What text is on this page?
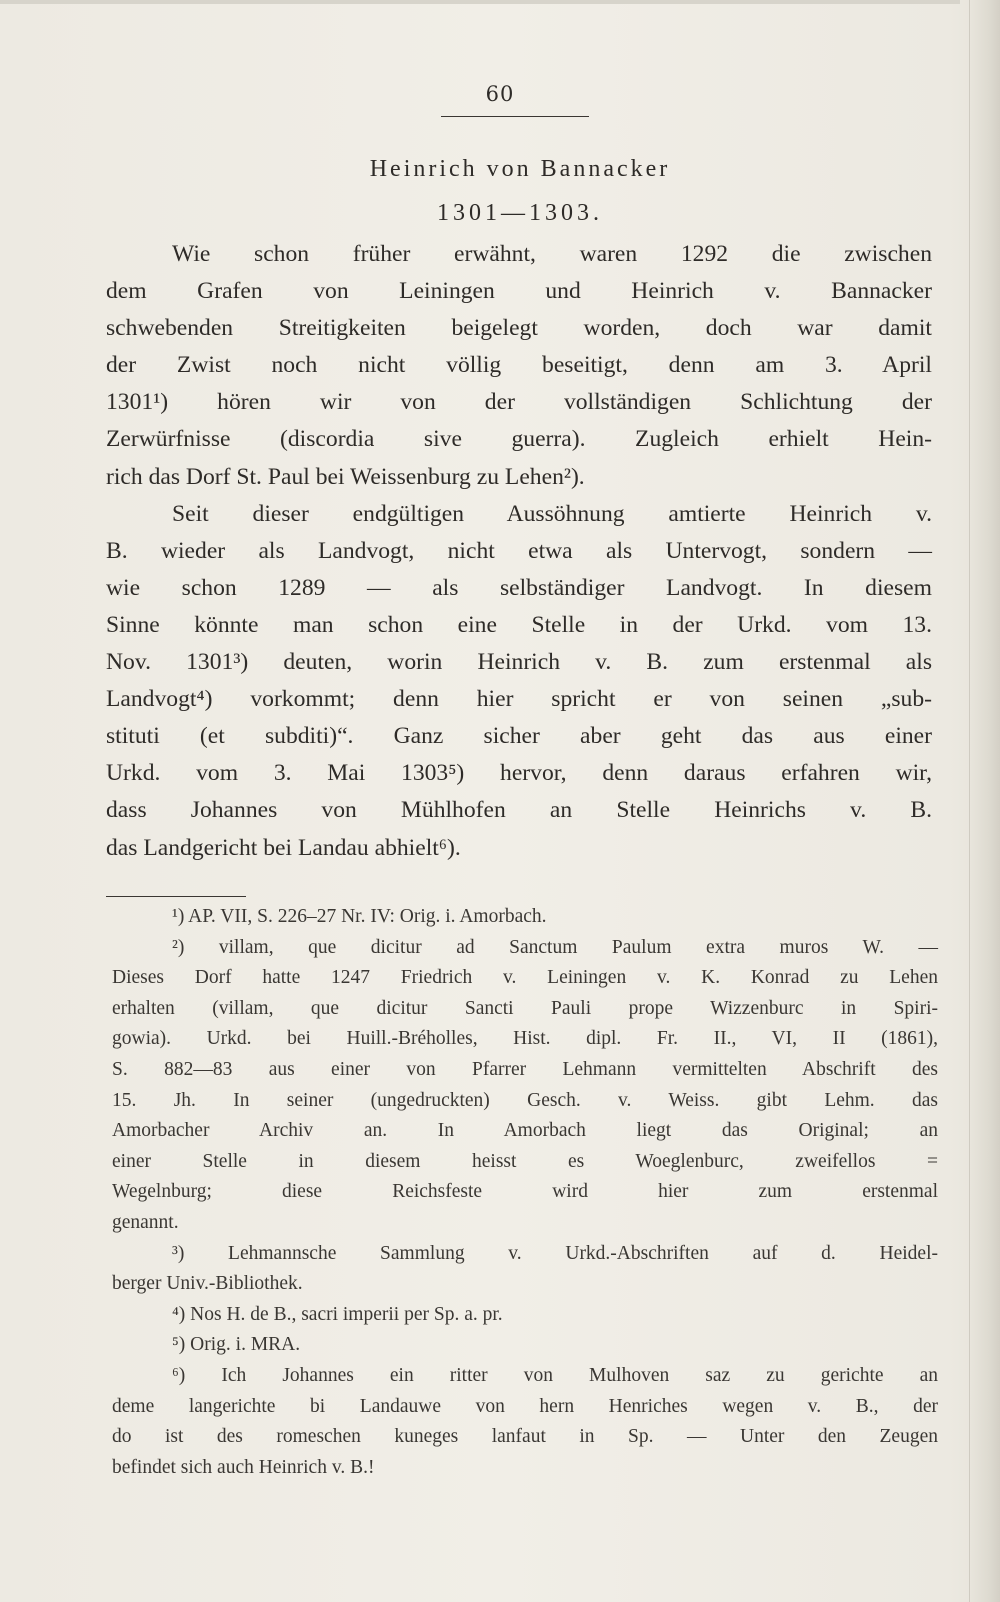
60
Heinrich von Bannacker
1301—1303.
Wie schon früher erwähnt, waren 1292 die zwischen
dem Grafen von Leiningen und Heinrich v. Bannacker
schwebenden Streitigkeiten beigelegt worden, doch war damit
der Zwist noch nicht völlig beseitigt, denn am 3. April
1301¹) hören wir von der vollständigen Schlichtung der
Zerwürfnisse (discordia sive guerra). Zugleich erhielt Hein-
rich das Dorf St. Paul bei Weissenburg zu Lehen²).
Seit dieser endgültigen Aussöhnung amtierte Heinrich v.
B. wieder als Landvogt, nicht etwa als Untervogt, sondern —
wie schon 1289 — als selbständiger Landvogt. In diesem
Sinne könnte man schon eine Stelle in der Urkd. vom 13.
Nov. 1301³) deuten, worin Heinrich v. B. zum erstenmal als
Landvogt⁴) vorkommt; denn hier spricht er von seinen „sub-
stituti (et subditi)“. Ganz sicher aber geht das aus einer
Urkd. vom 3. Mai 1303⁵) hervor, denn daraus erfahren wir,
dass Johannes von Mühlhofen an Stelle Heinrichs v. B.
das Landgericht bei Landau abhielt⁶).
¹) AP. VII, S. 226–27 Nr. IV: Orig. i. Amorbach.
²) villam, que dicitur ad Sanctum Paulum extra muros W. —
Dieses Dorf hatte 1247 Friedrich v. Leiningen v. K. Konrad zu Lehen
erhalten (villam, que dicitur Sancti Pauli prope Wizzenburc in Spiri-
gowia). Urkd. bei Huill.-Bréholles, Hist. dipl. Fr. II., VI, II (1861),
S. 882—83 aus einer von Pfarrer Lehmann vermittelten Abschrift des
15. Jh. In seiner (ungedruckten) Gesch. v. Weiss. gibt Lehm. das
Amorbacher Archiv an. In Amorbach liegt das Original; an
einer Stelle in diesem heisst es Woeglenburc, zweifellos =
Wegelnburg; diese Reichsfeste wird hier zum erstenmal
genannt.
³) Lehmannsche Sammlung v. Urkd.-Abschriften auf d. Heidel-
berger Univ.-Bibliothek.
⁴) Nos H. de B., sacri imperii per Sp. a. pr.
⁵) Orig. i. MRA.
⁶) Ich Johannes ein ritter von Mulhoven saz zu gerichte an
deme langerichte bi Landauwe von hern Henriches wegen v. B., der
do ist des romeschen kuneges lanfaut in Sp. — Unter den Zeugen
befindet sich auch Heinrich v. B.!
